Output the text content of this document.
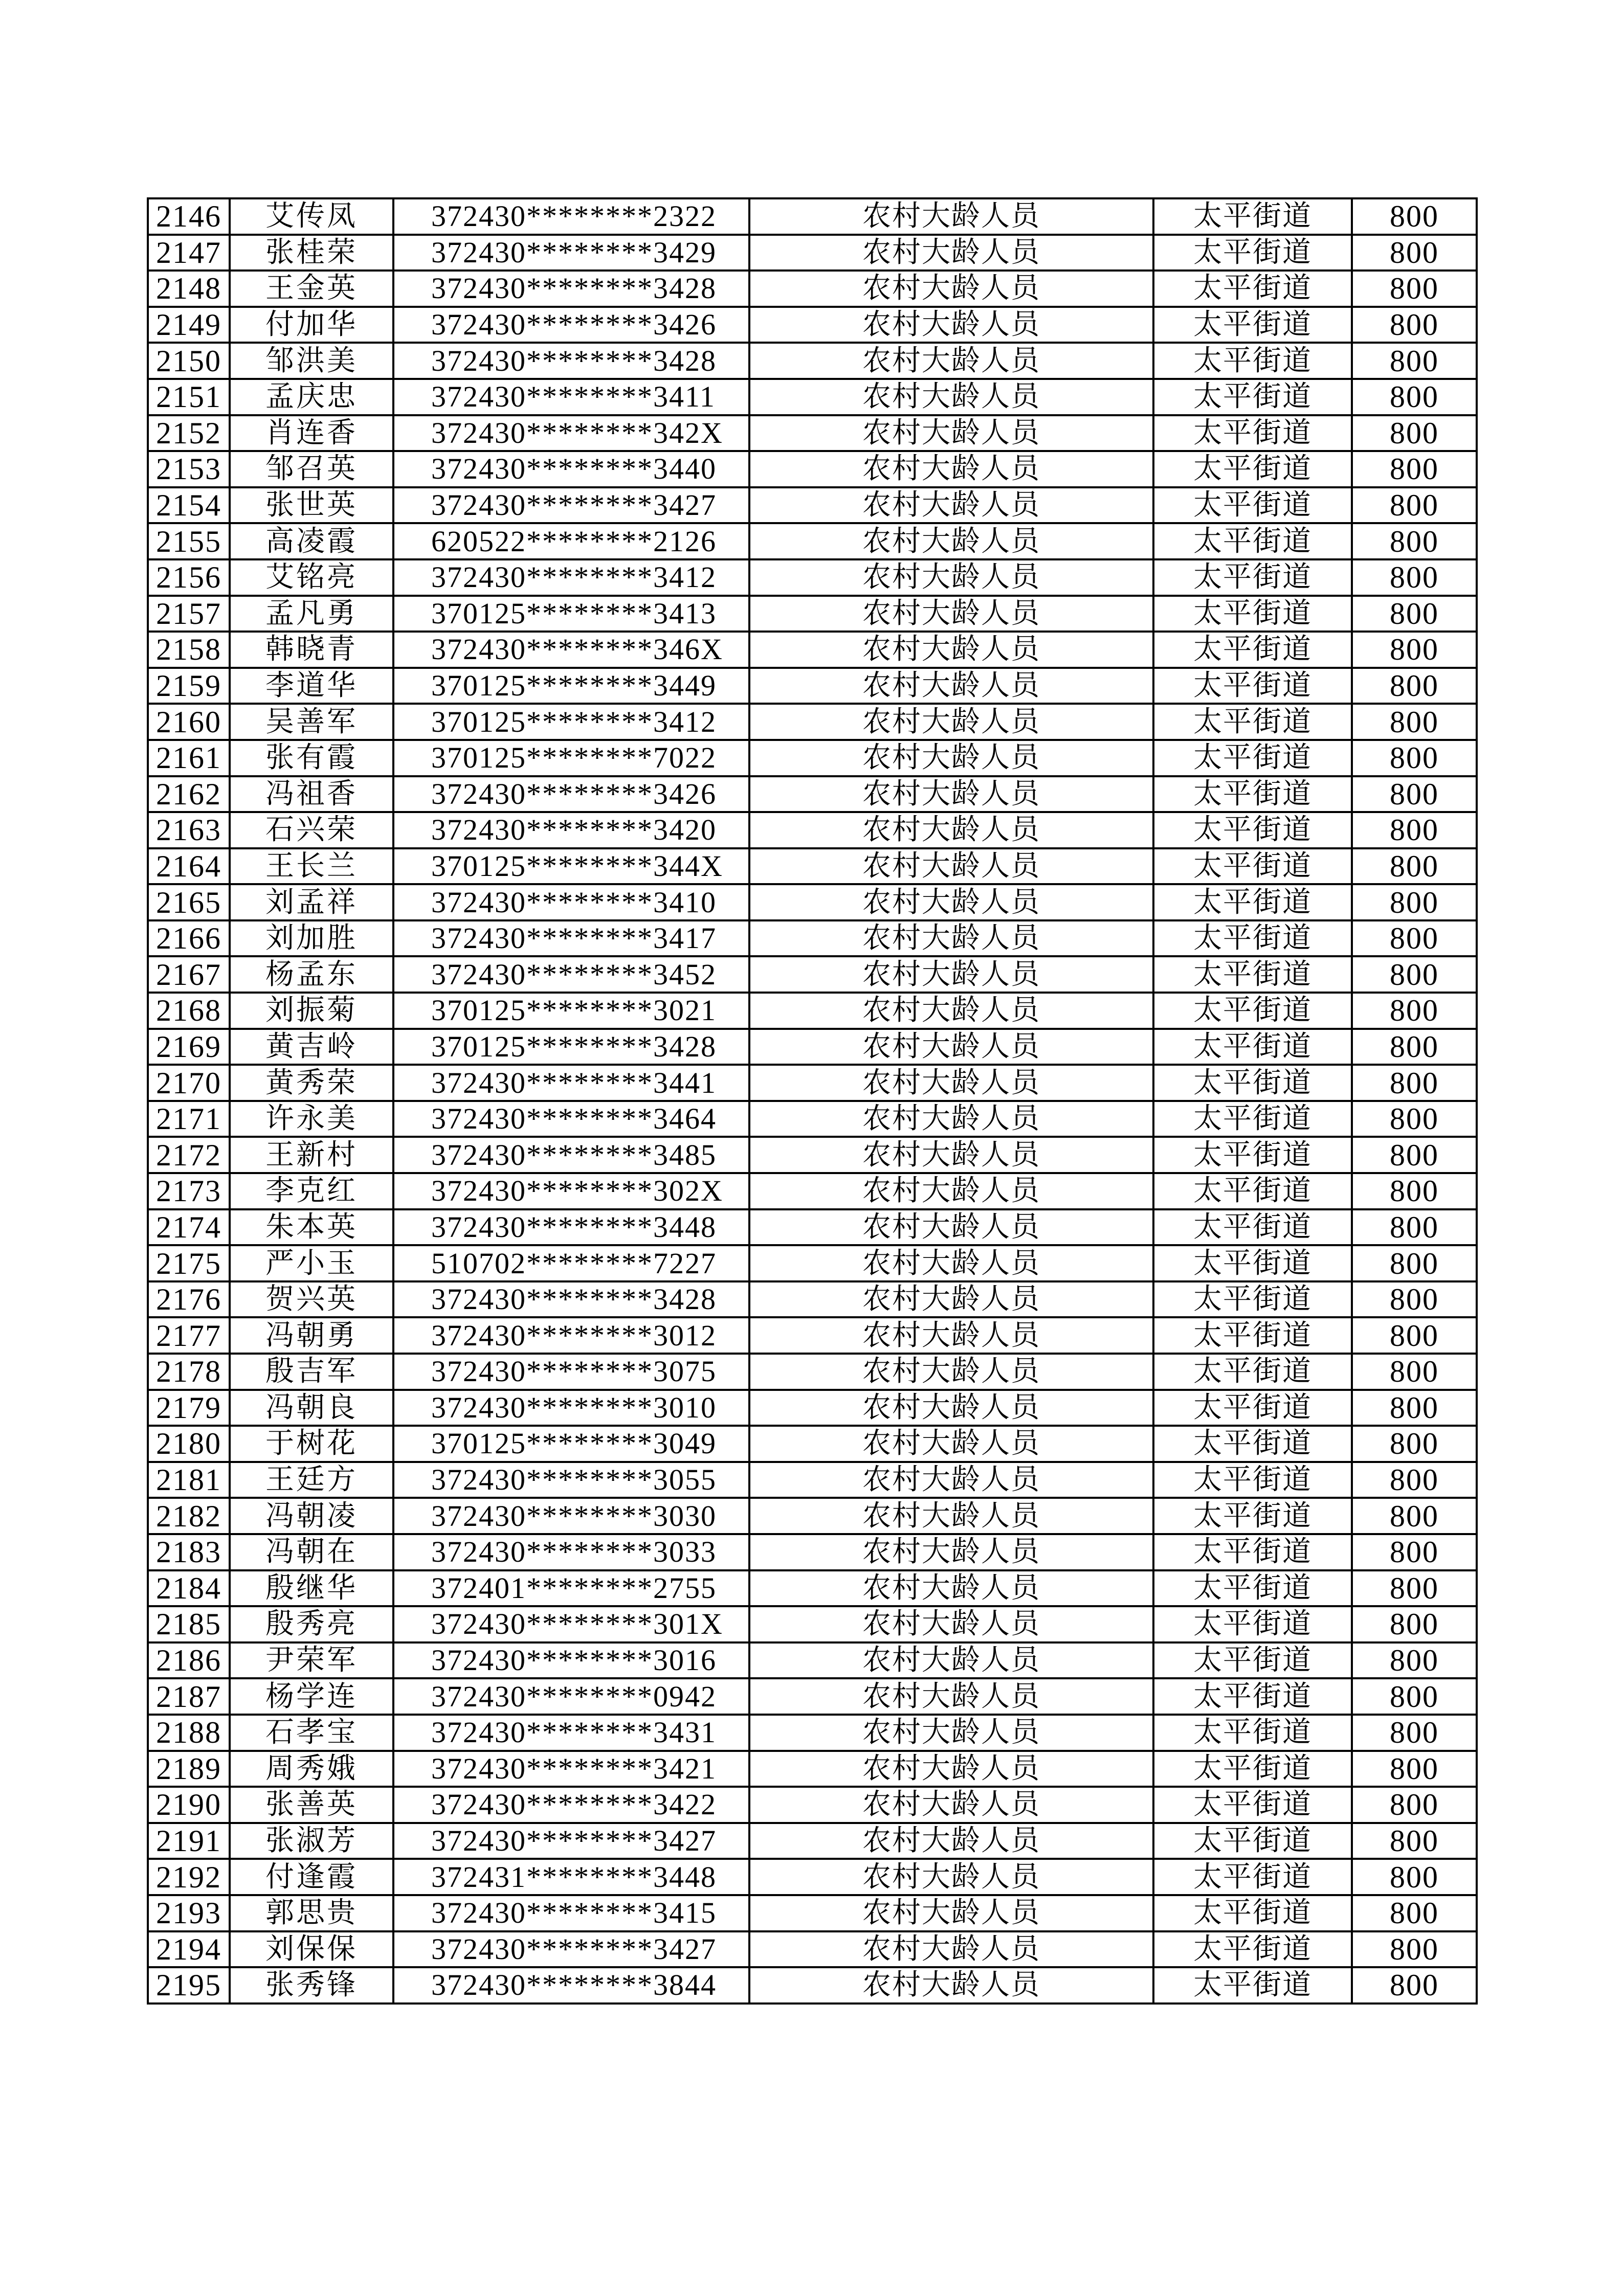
2146	艾传凤	372430********2322	农村大龄人员	太平街道	800
2147	张桂荣	372430********3429	农村大龄人员	太平街道	800
2148	王金英	372430********3428	农村大龄人员	太平街道	800
2149	付加华	372430********3426	农村大龄人员	太平街道	800
2150	邹洪美	372430********3428	农村大龄人员	太平街道	800
2151	孟庆忠	372430********3411	农村大龄人员	太平街道	800
2152	肖连香	372430********342X	农村大龄人员	太平街道	800
2153	邹召英	372430********3440	农村大龄人员	太平街道	800
2154	张世英	372430********3427	农村大龄人员	太平街道	800
2155	高凌霞	620522********2126	农村大龄人员	太平街道	800
2156	艾铭亮	372430********3412	农村大龄人员	太平街道	800
2157	孟凡勇	370125********3413	农村大龄人员	太平街道	800
2158	韩晓青	372430********346X	农村大龄人员	太平街道	800
2159	李道华	370125********3449	农村大龄人员	太平街道	800
2160	吴善军	370125********3412	农村大龄人员	太平街道	800
2161	张有霞	370125********7022	农村大龄人员	太平街道	800
2162	冯祖香	372430********3426	农村大龄人员	太平街道	800
2163	石兴荣	372430********3420	农村大龄人员	太平街道	800
2164	王长兰	370125********344X	农村大龄人员	太平街道	800
2165	刘孟祥	372430********3410	农村大龄人员	太平街道	800
2166	刘加胜	372430********3417	农村大龄人员	太平街道	800
2167	杨孟东	372430********3452	农村大龄人员	太平街道	800
2168	刘振菊	370125********3021	农村大龄人员	太平街道	800
2169	黄吉岭	370125********3428	农村大龄人员	太平街道	800
2170	黄秀荣	372430********3441	农村大龄人员	太平街道	800
2171	许永美	372430********3464	农村大龄人员	太平街道	800
2172	王新村	372430********3485	农村大龄人员	太平街道	800
2173	李克红	372430********302X	农村大龄人员	太平街道	800
2174	朱本英	372430********3448	农村大龄人员	太平街道	800
2175	严小玉	510702********7227	农村大龄人员	太平街道	800
2176	贺兴英	372430********3428	农村大龄人员	太平街道	800
2177	冯朝勇	372430********3012	农村大龄人员	太平街道	800
2178	殷吉军	372430********3075	农村大龄人员	太平街道	800
2179	冯朝良	372430********3010	农村大龄人员	太平街道	800
2180	于树花	370125********3049	农村大龄人员	太平街道	800
2181	王廷方	372430********3055	农村大龄人员	太平街道	800
2182	冯朝凌	372430********3030	农村大龄人员	太平街道	800
2183	冯朝在	372430********3033	农村大龄人员	太平街道	800
2184	殷继华	372401********2755	农村大龄人员	太平街道	800
2185	殷秀亮	372430********301X	农村大龄人员	太平街道	800
2186	尹荣军	372430********3016	农村大龄人员	太平街道	800
2187	杨学连	372430********0942	农村大龄人员	太平街道	800
2188	石孝宝	372430********3431	农村大龄人员	太平街道	800
2189	周秀娥	372430********3421	农村大龄人员	太平街道	800
2190	张善英	372430********3422	农村大龄人员	太平街道	800
2191	张淑芳	372430********3427	农村大龄人员	太平街道	800
2192	付逢霞	372431********3448	农村大龄人员	太平街道	800
2193	郭思贵	372430********3415	农村大龄人员	太平街道	800
2194	刘保保	372430********3427	农村大龄人员	太平街道	800
2195	张秀锋	372430********3844	农村大龄人员	太平街道	800
